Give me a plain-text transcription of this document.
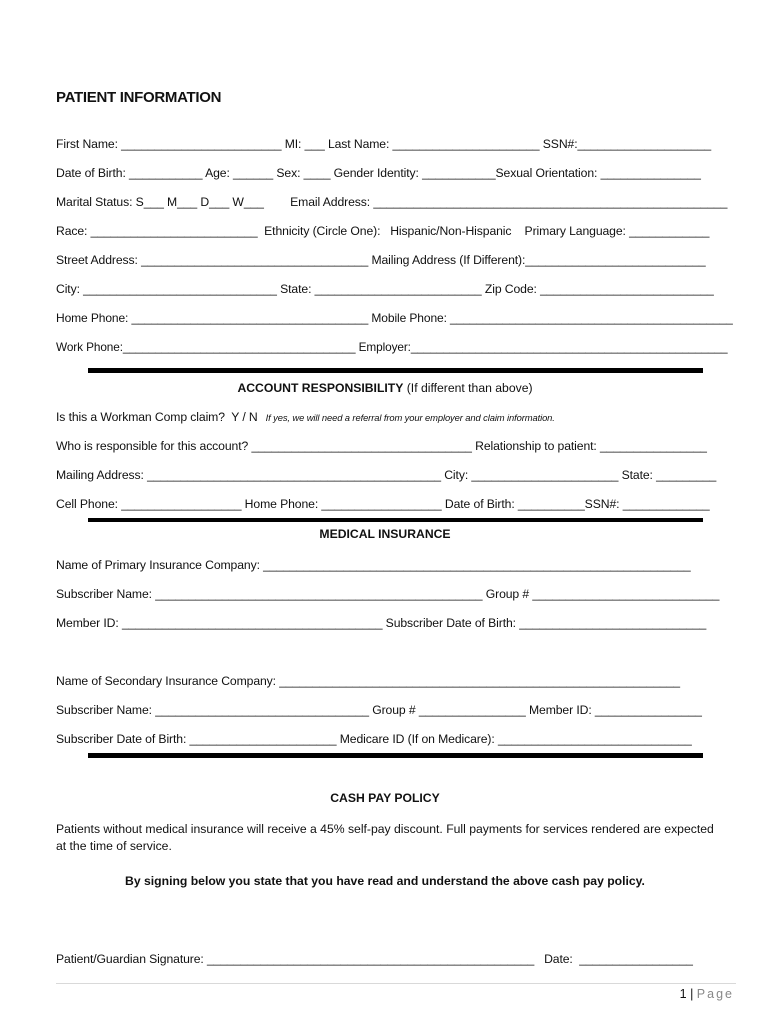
PATIENT INFORMATION
First Name: ________________________ MI: ___ Last Name: ______________________ SSN#:____________________
Date of Birth: ___________ Age: ______ Sex: ____ Gender Identity: ___________Sexual Orientation: _______________
Marital Status: S___ M___ D___ W___        Email Address: _____________________________________________________
Race: _________________________  Ethnicity (Circle One):   Hispanic/Non-Hispanic    Primary Language: ____________
Street Address: __________________________________ Mailing Address (If Different):___________________________
City: _____________________________ State: _________________________ Zip Code: __________________________
Home Phone: ____________________________________ Mobile Phone: ___________________________________________
Work Phone:____________________________________ Employer:_________________________________________________
ACCOUNT RESPONSIBILITY (If different than above)
Is this a Workman Comp claim?  Y / N If yes, we will need a referral from your employer and claim information.
Who is responsible for this account? _________________________________ Relationship to patient: ________________
Mailing Address: ____________________________________________ City: ______________________ State: _________
Cell Phone: __________________ Home Phone: __________________ Date of Birth: __________SSN#: _____________
MEDICAL INSURANCE
Name of Primary Insurance Company: ________________________________________________________________
Subscriber Name: _________________________________________________ Group # ____________________________
Member ID: _______________________________________ Subscriber Date of Birth: ____________________________
Name of Secondary Insurance Company: ____________________________________________________________
Subscriber Name: ________________________________ Group # ________________ Member ID: ________________
Subscriber Date of Birth: ______________________ Medicare ID (If on Medicare): _____________________________
CASH PAY POLICY
Patients without medical insurance will receive a 45% self-pay discount. Full payments for services rendered are expected at the time of service.
By signing below you state that you have read and understand the above cash pay policy.
Patient/Guardian Signature: _________________________________________________   Date:  _________________
1 | Page
